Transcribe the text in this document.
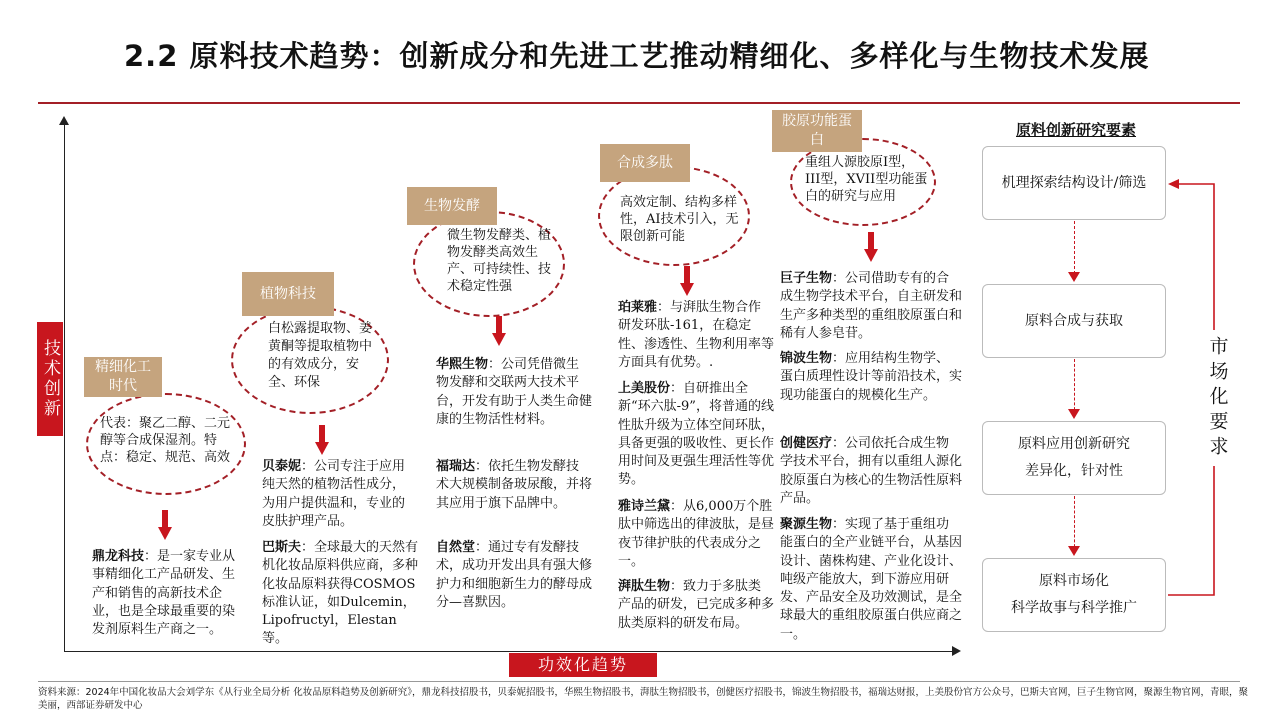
2.2 原料技术趋势：创新成分和先进工艺推动精细化、多样化与生物技术发展
技术创新
功效化趋势
代表：聚乙二醇、二元醇等合成保湿剂。特点：稳定、规范、高效
精细化工时代
鼎龙科技：是一家专业从事精细化工产品研发、生产和销售的高新技术企业，也是全球最重要的染发剂原料生产商之一。
白松露提取物、姜黄酮等提取植物中的有效成分，安全、环保
植物科技
贝泰妮：公司专注于应用纯天然的植物活性成分，为用户提供温和，专业的皮肤护理产品。
巴斯夫：全球最大的天然有机化妆品原料供应商，多种化妆品原料获得COSMOS标准认证，如Dulcemin，Lipofructyl，Elestan等。
微生物发酵类、植物发酵类高效生产、可持续性、技术稳定性强
生物发酵
华熙生物：公司凭借微生物发酵和交联两大技术平台，开发有助于人类生命健康的生物活性材料。
福瑞达：依托生物发酵技术大规模制备玻尿酸，并将其应用于旗下品牌中。
自然堂：通过专有发酵技术，成功开发出具有强大修护力和细胞新生力的酵母成分—喜默因。
高效定制、结构多样性，AI技术引入，无限创新可能
合成多肽
珀莱雅：与湃肽生物合作研发环肽-161，在稳定性、渗透性、生物利用率等方面具有优势。.
上美股份：自研推出全新“环六肽-9”，将普通的线性肽升级为立体空间环肽，具备更强的吸收性、更长作用时间及更强生理活性等优势。
雅诗兰黛：从6,000万个胜肽中筛选出的律波肽，是昼夜节律护肤的代表成分之一。
湃肽生物：致力于多肽类产品的研发，已完成多种多肽类原料的研发布局。
重组人源胶原I型，III型，XVII型功能蛋白的研究与应用
胶原功能蛋白
巨子生物：公司借助专有的合成生物学技术平台，自主研发和生产多种类型的重组胶原蛋白和稀有人参皂苷。
锦波生物：应用结构生物学、蛋白质理性设计等前沿技术，实现功能蛋白的规模化生产。
创健医疗：公司依托合成生物学技术平台，拥有以重组人源化胶原蛋白为核心的生物活性原料产品。
聚源生物：实现了基于重组功能蛋白的全产业链平台，从基因设计、菌株构建、产业化设计、吨级产能放大，到下游应用研发、产品安全及功效测试，是全球最大的重组胶原蛋白供应商之一。
原料创新研究要素
机理探索结构设计/筛选
原料合成与获取
原料应用创新研究
差异化，针对性
原料市场化
科学故事与科学推广
市场化要求
资料来源：2024年中国化妆品大会刘学东《从行业全局分析 化妆品原料趋势及创新研究》，鼎龙科技招股书，贝泰妮招股书，华熙生物招股书，湃肽生物招股书，创健医疗招股书，锦波生物招股书，福瑞达财报，上美股份官方公众号，巴斯夫官网，巨子生物官网，聚源生物官网，青眼，聚美丽，西部证券研发中心
